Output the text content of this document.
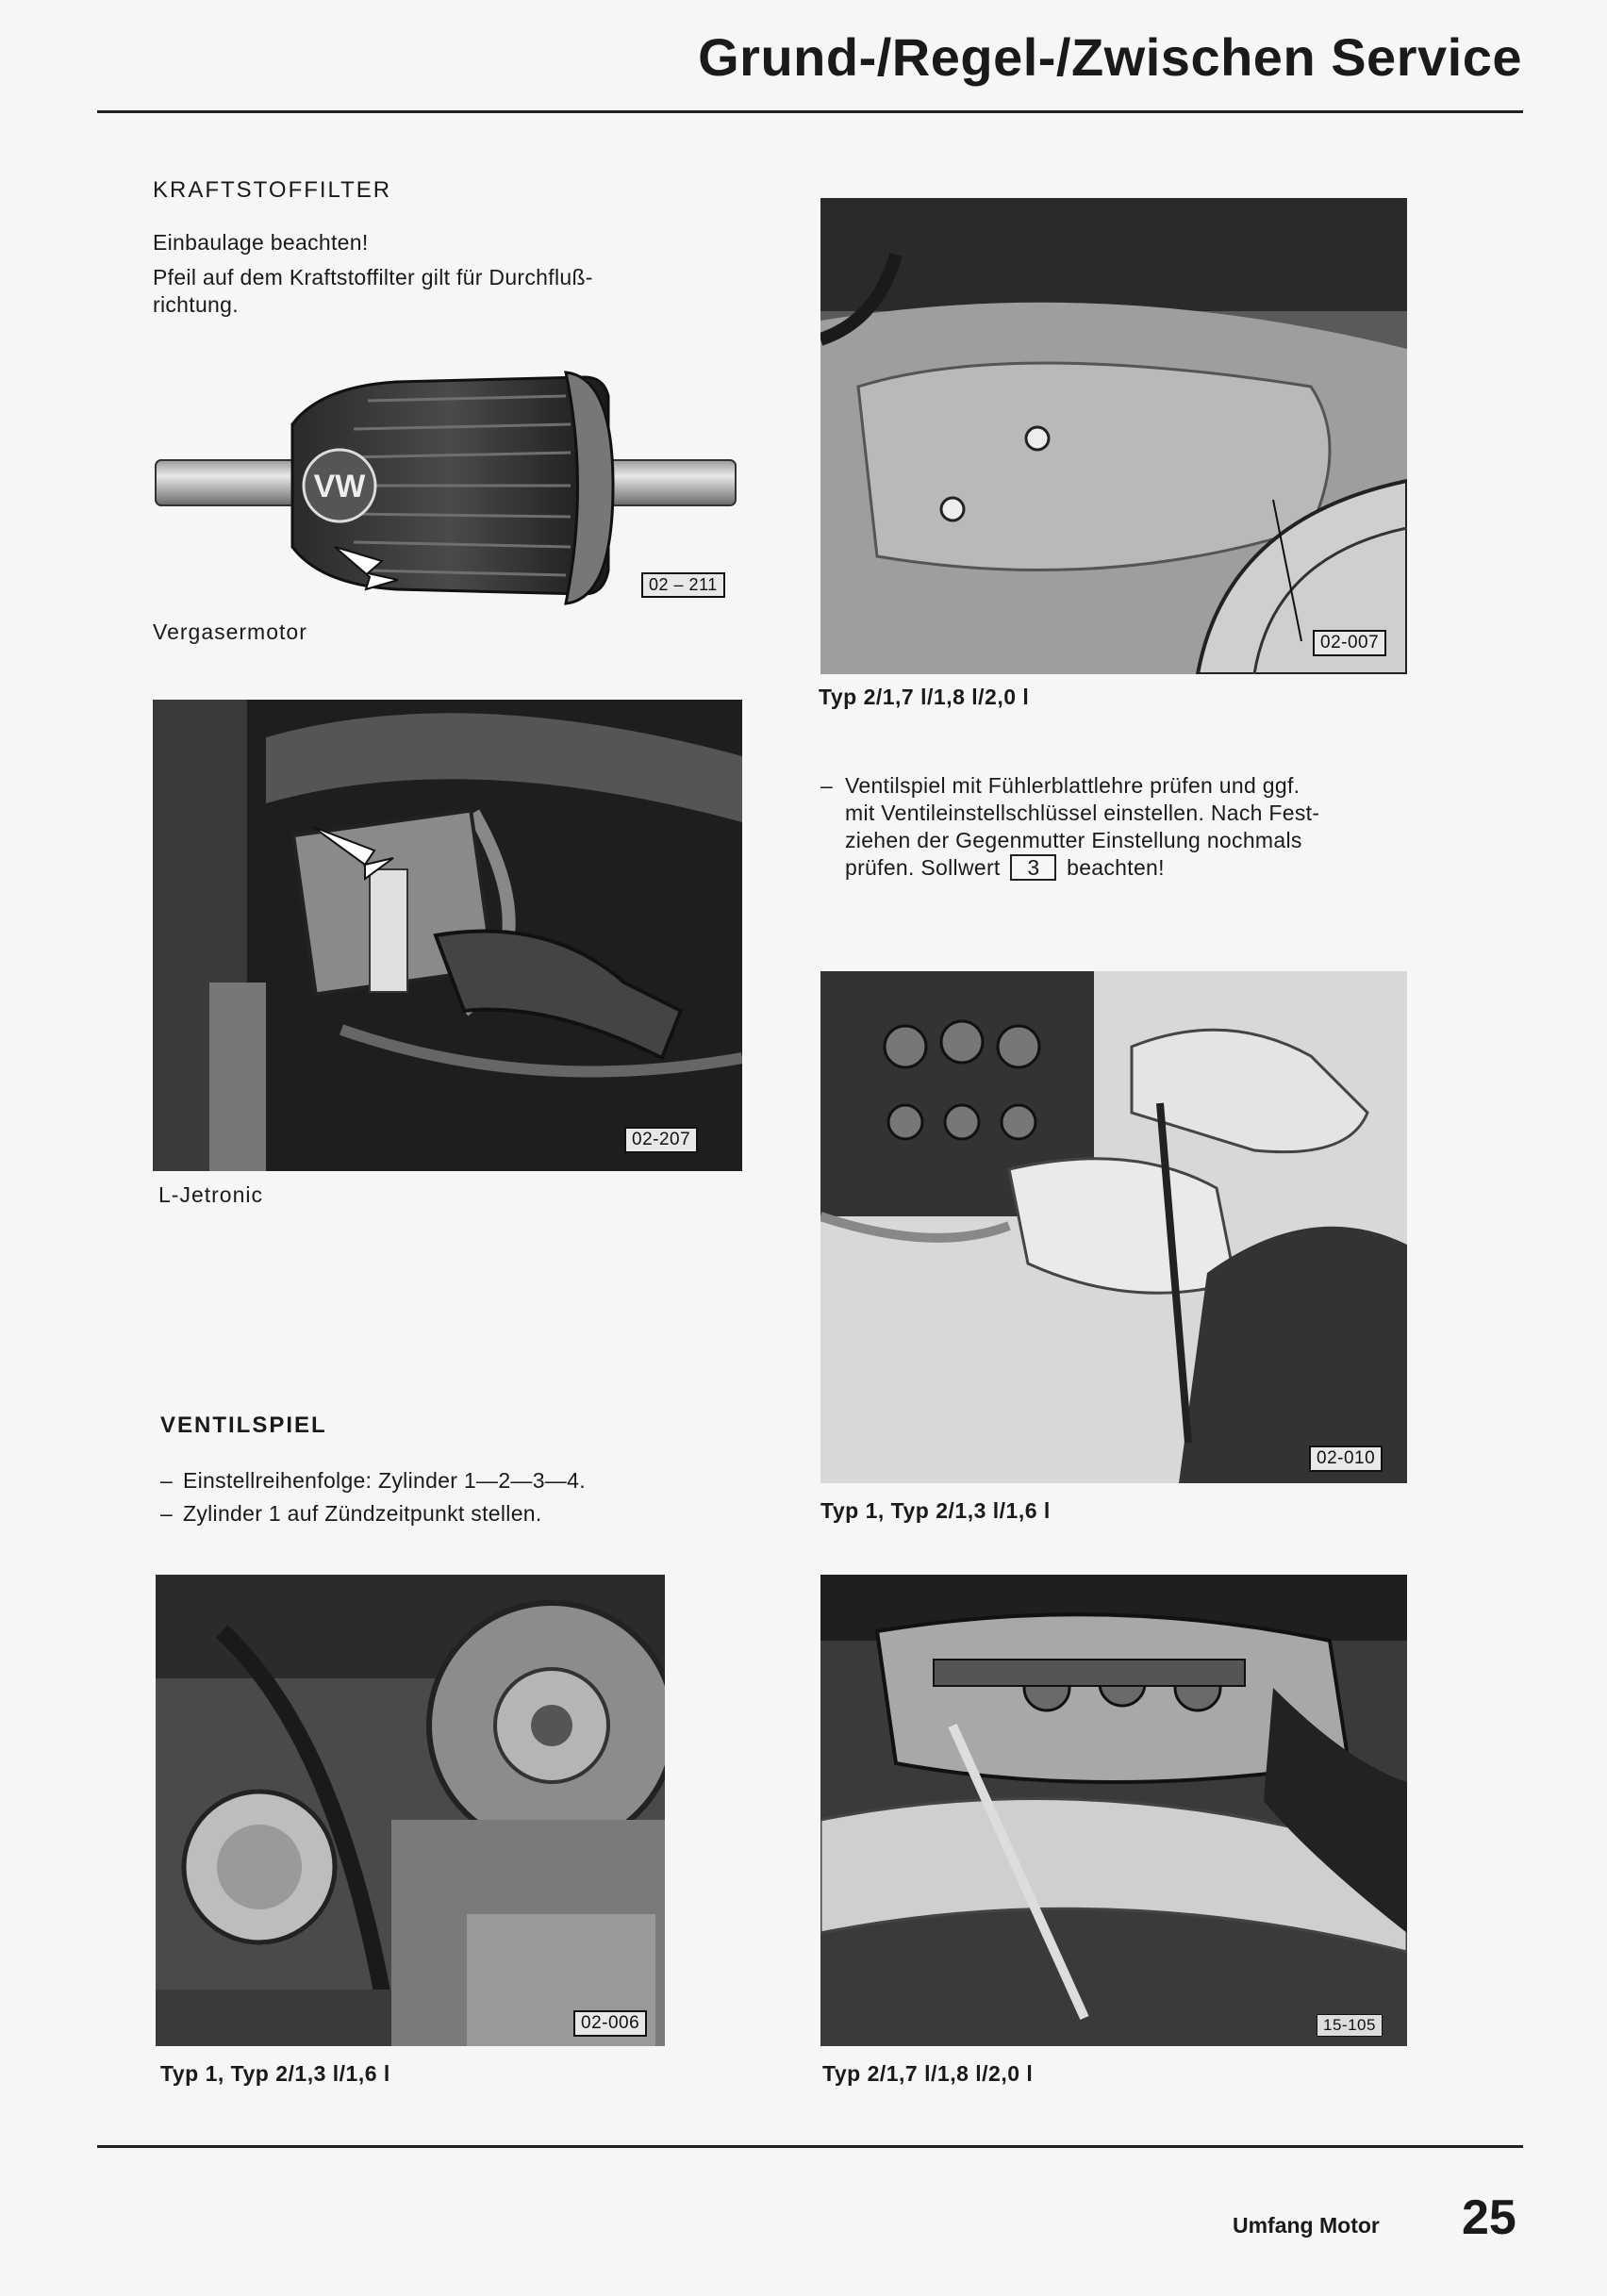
Grund-/Regel-/Zwischen Service
KRAFTSTOFFILTER
Einbaulage beachten!
Pfeil auf dem Kraftstoffilter gilt für Durchfluß-
richtung.
VW
02 – 211
Vergasermotor
02-207
L-Jetronic
VENTILSPIEL
– Einstellreihenfolge: Zylinder 1—2—3—4.
– Zylinder 1 auf Zündzeitpunkt stellen.
02-006
Typ 1, Typ 2/1,3 l/1,6 l
02-007
Typ 2/1,7 l/1,8 l/2,0 l
– Ventilspiel mit Fühlerblattlehre prüfen und ggf.
mit Ventileinstellschlüssel einstellen. Nach Fest-
ziehen der Gegenmutter Einstellung nochmals
prüfen. Sollwert 3 beachten!
02-010
Typ 1, Typ 2/1,3 l/1,6 l
15-105
Typ 2/1,7 l/1,8 l/2,0 l
Umfang Motor 25
